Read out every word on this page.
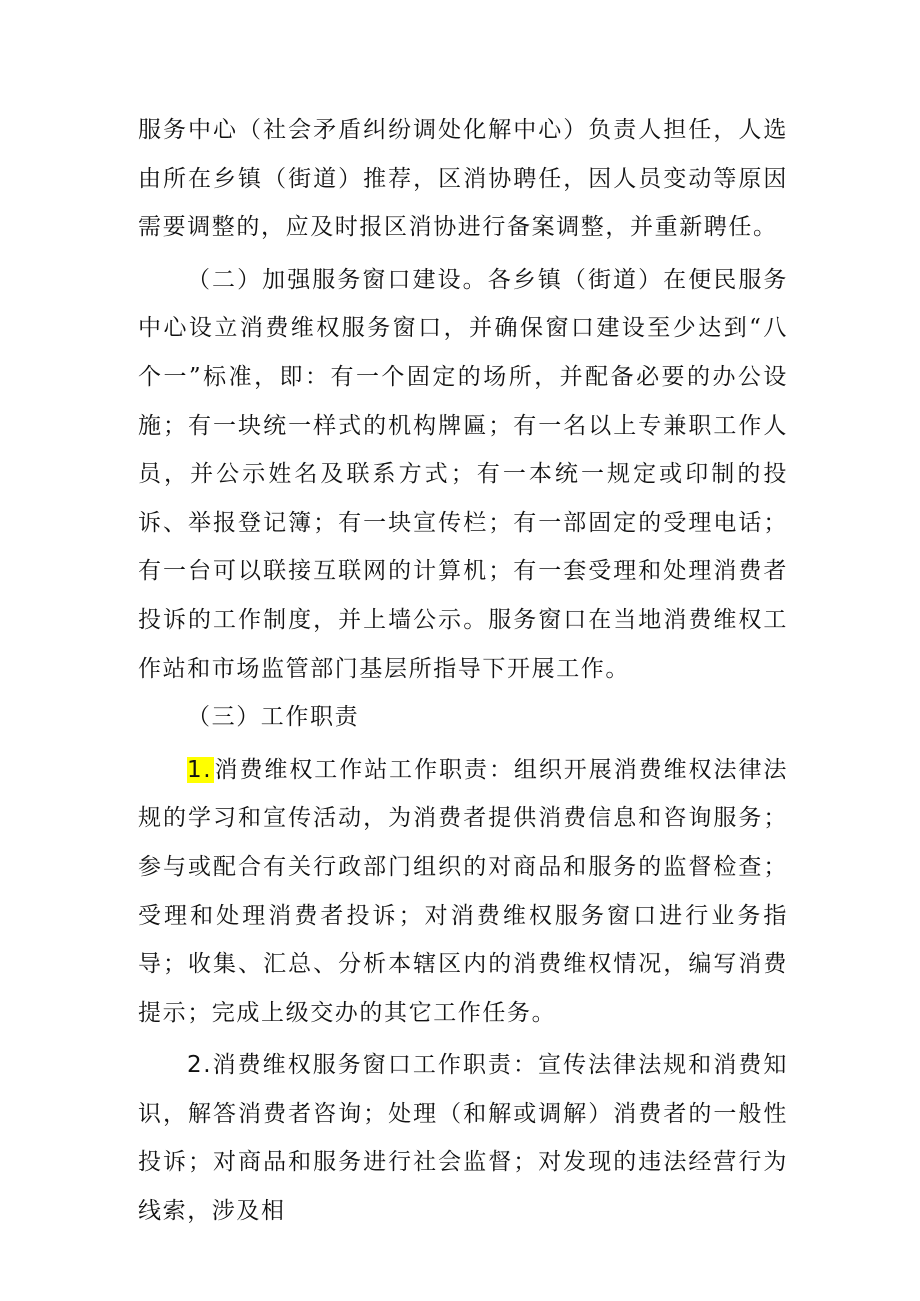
服务中心（社会矛盾纠纷调处化解中心）负责人担任，人选由所在乡镇（街道）推荐，区消协聘任，因人员变动等原因需要调整的，应及时报区消协进行备案调整，并重新聘任。

（二）加强服务窗口建设。各乡镇（街道）在便民服务中心设立消费维权服务窗口，并确保窗口建设至少达到“八个一”标准，即：有一个固定的场所，并配备必要的办公设施；有一块统一样式的机构牌匾；有一名以上专兼职工作人员，并公示姓名及联系方式；有一本统一规定或印制的投诉、举报登记簿；有一块宣传栏；有一部固定的受理电话；有一台可以联接互联网的计算机；有一套受理和处理消费者投诉的工作制度，并上墙公示。服务窗口在当地消费维权工作站和市场监管部门基层所指导下开展工作。

（三）工作职责

1.消费维权工作站工作职责：组织开展消费维权法律法规的学习和宣传活动，为消费者提供消费信息和咨询服务；参与或配合有关行政部门组织的对商品和服务的监督检查；受理和处理消费者投诉；对消费维权服务窗口进行业务指导；收集、汇总、分析本辖区内的消费维权情况，编写消费提示；完成上级交办的其它工作任务。

2.消费维权服务窗口工作职责：宣传法律法规和消费知识，解答消费者咨询；处理（和解或调解）消费者的一般性投诉；对商品和服务进行社会监督；对发现的违法经营行为线索，涉及相
